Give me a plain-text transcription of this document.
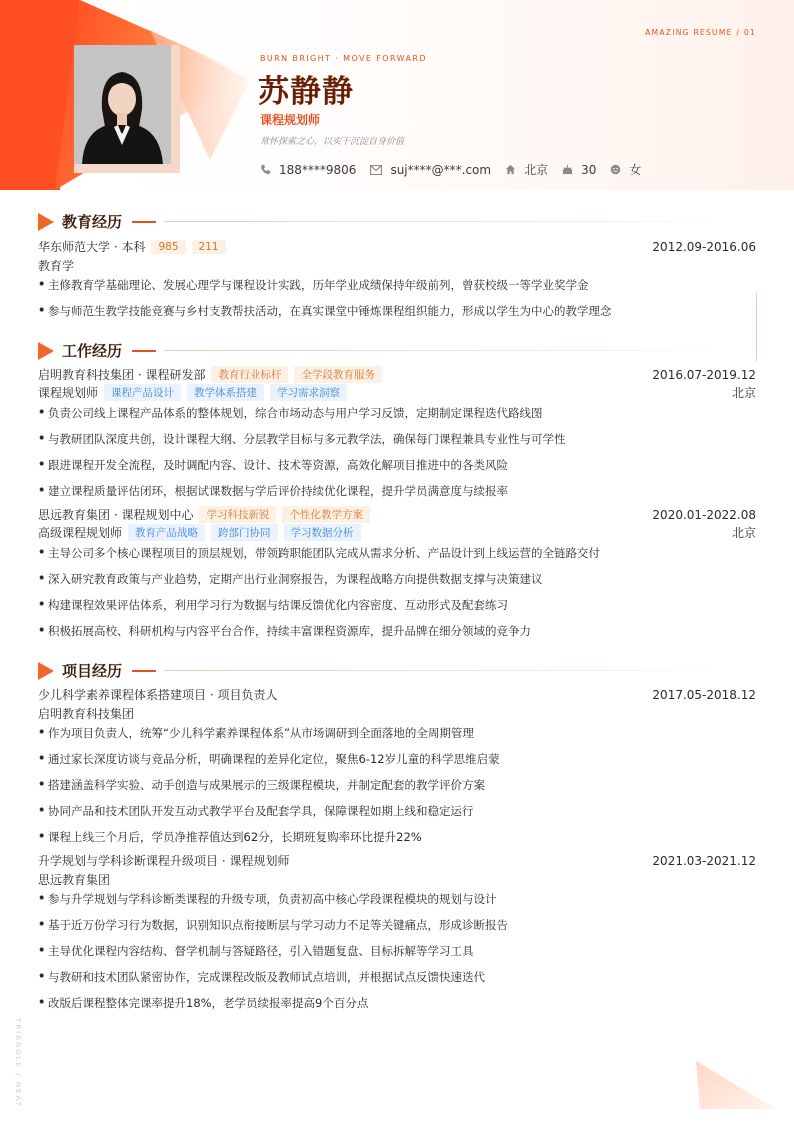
AMAZING RESUME / 01
BURN BRIGHT · MOVE FORWARD
苏静静
课程规划师
常怀探索之心，以实干沉淀自身价值
188****9806	suj****@***.com	北京	30	女
教育经历
华东师范大学 · 本科	985	211	2012.09-2016.06
教育学
• 主修教育学基础理论、发展心理学与课程设计实践，历年学业成绩保持年级前列，曾获校级一等学业奖学金
• 参与师范生教学技能竞赛与乡村支教帮扶活动，在真实课堂中锤炼课程组织能力，形成以学生为中心的教学理念
工作经历
启明教育科技集团 · 课程研发部	教育行业标杆	全学段教育服务	2016.07-2019.12
课程规划师	课程产品设计	教学体系搭建	学习需求洞察	北京
• 负责公司线上课程产品体系的整体规划，综合市场动态与用户学习反馈，定期制定课程迭代路线图
• 与教研团队深度共创，设计课程大纲、分层教学目标与多元教学法，确保每门课程兼具专业性与可学性
• 跟进课程开发全流程，及时调配内容、设计、技术等资源，高效化解项目推进中的各类风险
• 建立课程质量评估闭环，根据试课数据与学后评价持续优化课程，提升学员满意度与续报率
思远教育集团 · 课程规划中心	学习科技新锐	个性化教学方案	2020.01-2022.08
高级课程规划师	教育产品战略	跨部门协同	学习数据分析	北京
• 主导公司多个核心课程项目的顶层规划，带领跨职能团队完成从需求分析、产品设计到上线运营的全链路交付
• 深入研究教育政策与产业趋势，定期产出行业洞察报告，为课程战略方向提供数据支撑与决策建议
• 构建课程效果评估体系，利用学习行为数据与结课反馈优化内容密度、互动形式及配套练习
• 积极拓展高校、科研机构与内容平台合作，持续丰富课程资源库，提升品牌在细分领域的竞争力
项目经历
少儿科学素养课程体系搭建项目 · 项目负责人	2017.05-2018.12
启明教育科技集团
• 作为项目负责人，统筹“少儿科学素养课程体系”从市场调研到全面落地的全周期管理
• 通过家长深度访谈与竞品分析，明确课程的差异化定位，聚焦6-12岁儿童的科学思维启蒙
• 搭建涵盖科学实验、动手创造与成果展示的三级课程模块，并制定配套的教学评价方案
• 协同产品和技术团队开发互动式教学平台及配套学具，保障课程如期上线和稳定运行
• 课程上线三个月后，学员净推荐值达到62分，长期班复购率环比提升22%
升学规划与学科诊断课程升级项目 · 课程规划师	2021.03-2021.12
思远教育集团
• 参与升学规划与学科诊断类课程的升级专项，负责初高中核心学段课程模块的规划与设计
• 基于近万份学习行为数据，识别知识点衔接断层与学习动力不足等关键痛点，形成诊断报告
• 主导优化课程内容结构、督学机制与答疑路径，引入错题复盘、目标拆解等学习工具
• 与教研和技术团队紧密协作，完成课程改版及教师试点培训，并根据试点反馈快速迭代
• 改版后课程整体完课率提升18%，老学员续报率提高9个百分点
TRIANGLE / HEAT
